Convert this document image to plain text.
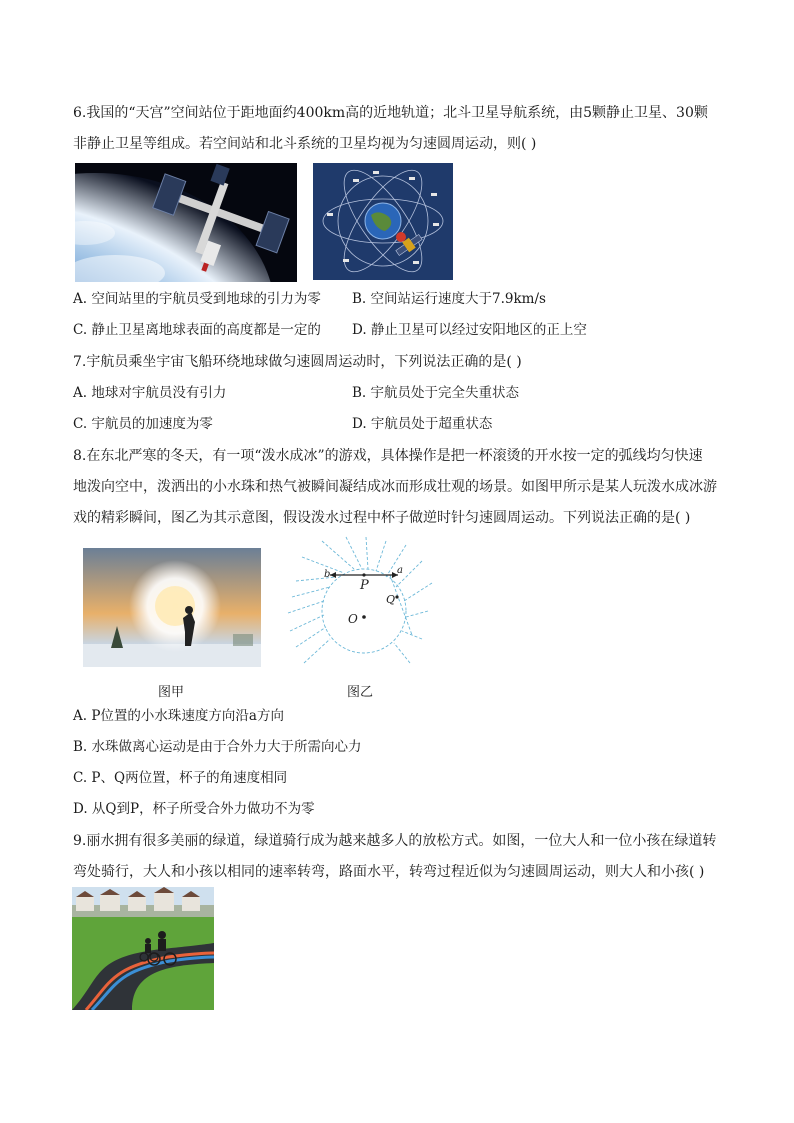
6.我国的“天宫”空间站位于距地面约400km高的近地轨道；北斗卫星导航系统，由5颗静止卫星、30颗
非静止卫星等组成。若空间站和北斗系统的卫星均视为匀速圆周运动，则( )
A. 空间站里的宇航员受到地球的引力为零 B. 空间站运行速度大于7.9km/s
C. 静止卫星离地球表面的高度都是一定的 D. 静止卫星可以经过安阳地区的正上空
7.宇航员乘坐宇宙飞船环绕地球做匀速圆周运动时，下列说法正确的是( )
A. 地球对宇航员没有引力	B. 宇航员处于完全失重状态
C. 宇航员的加速度为零	D. 宇航员处于超重状态
8.在东北严寒的冬天，有一项“泼水成冰”的游戏，具体操作是把一杯滚烫的开水按一定的弧线均匀快速
地泼向空中，泼洒出的小水珠和热气被瞬间凝结成冰而形成壮观的场景。如图甲所示是某人玩泼水成冰游
戏的精彩瞬间，图乙为其示意图，假设泼水过程中杯子做逆时针匀速圆周运动。下列说法正确的是( )
b	a
P
Q
O
图甲	图乙
A. P位置的小水珠速度方向沿a方向
B. 水珠做离心运动是由于合外力大于所需向心力
C. P、Q两位置，杯子的角速度相同
D. 从Q到P，杯子所受合外力做功不为零
9.丽水拥有很多美丽的绿道，绿道骑行成为越来越多人的放松方式。如图，一位大人和一位小孩在绿道转
弯处骑行，大人和小孩以相同的速率转弯，路面水平，转弯过程近似为匀速圆周运动，则大人和小孩( )
